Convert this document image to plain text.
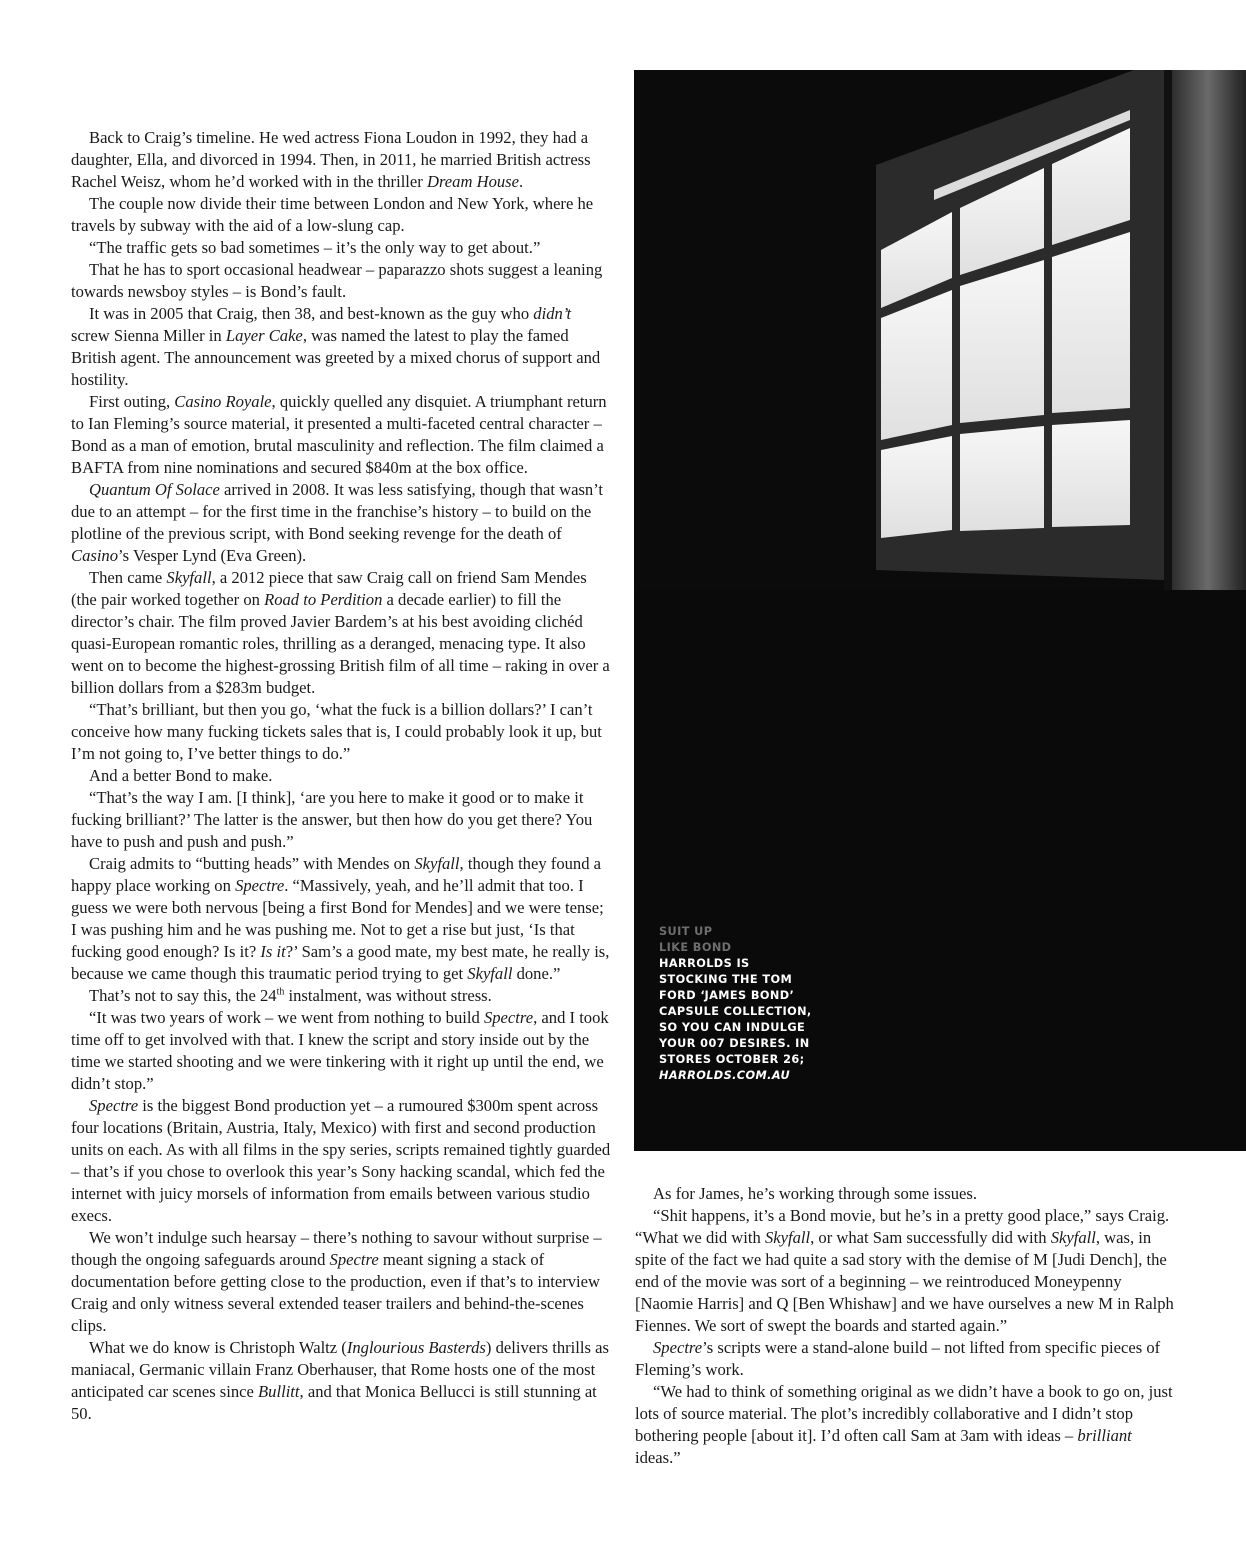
Back to Craig’s timeline. He wed actress Fiona Loudon in 1992, they had a daughter, Ella, and divorced in 1994. Then, in 2011, he married British actress Rachel Weisz, whom he’d worked with in the thriller Dream House.

The couple now divide their time between London and New York, where he travels by subway with the aid of a low-slung cap.

“The traffic gets so bad sometimes – it’s the only way to get about.”

That he has to sport occasional headwear – paparazzo shots suggest a leaning towards newsboy styles – is Bond’s fault.

It was in 2005 that Craig, then 38, and best-known as the guy who didn’t screw Sienna Miller in Layer Cake, was named the latest to play the famed British agent. The announcement was greeted by a mixed chorus of support and hostility.

First outing, Casino Royale, quickly quelled any disquiet. A triumphant return to Ian Fleming’s source material, it presented a multi-faceted central character – Bond as a man of emotion, brutal masculinity and reflection. The film claimed a BAFTA from nine nominations and secured $840m at the box office.

Quantum Of Solace arrived in 2008. It was less satisfying, though that wasn’t due to an attempt – for the first time in the franchise’s history – to build on the plotline of the previous script, with Bond seeking revenge for the death of Casino’s Vesper Lynd (Eva Green).

Then came Skyfall, a 2012 piece that saw Craig call on friend Sam Mendes (the pair worked together on Road to Perdition a decade earlier) to fill the director’s chair. The film proved Javier Bardem’s at his best avoiding clichéd quasi-European romantic roles, thrilling as a deranged, menacing type. It also went on to become the highest-grossing British film of all time – raking in over a billion dollars from a $283m budget.

“That’s brilliant, but then you go, ‘what the fuck is a billion dollars?’ I can’t conceive how many fucking tickets sales that is, I could probably look it up, but I’m not going to, I’ve better things to do.”

And a better Bond to make.

“That’s the way I am. [I think], ‘are you here to make it good or to make it fucking brilliant?’ The latter is the answer, but then how do you get there? You have to push and push and push.”

Craig admits to “butting heads” with Mendes on Skyfall, though they found a happy place working on Spectre. “Massively, yeah, and he’ll admit that too. I guess we were both nervous [being a first Bond for Mendes] and we were tense; I was pushing him and he was pushing me. Not to get a rise but just, ‘Is that fucking good enough? Is it? Is it?’ Sam’s a good mate, my best mate, he really is, because we came though this traumatic period trying to get Skyfall done.”

That’s not to say this, the 24th instalment, was without stress.

“It was two years of work – we went from nothing to build Spectre, and I took time off to get involved with that. I knew the script and story inside out by the time we started shooting and we were tinkering with it right up until the end, we didn’t stop.”

Spectre is the biggest Bond production yet – a rumoured $300m spent across four locations (Britain, Austria, Italy, Mexico) with first and second production units on each. As with all films in the spy series, scripts remained tightly guarded – that’s if you chose to overlook this year’s Sony hacking scandal, which fed the internet with juicy morsels of information from emails between various studio execs.

We won’t indulge such hearsay – there’s nothing to savour without surprise – though the ongoing safeguards around Spectre meant signing a stack of documentation before getting close to the production, even if that’s to interview Craig and only witness several extended teaser trailers and behind-the-scenes clips.

What we do know is Christoph Waltz (Inglourious Basterds) delivers thrills as maniacal, Germanic villain Franz Oberhauser, that Rome hosts one of the most anticipated car scenes since Bullitt, and that Monica Bellucci is still stunning at 50.

SUIT UP
LIKE BOND
HARROLDS IS STOCKING THE TOM FORD ‘JAMES BOND’ CAPSULE COLLECTION, SO YOU CAN INDULGE YOUR 007 DESIRES. IN STORES OCTOBER 26;
HARROLDS.COM.AU

As for James, he’s working through some issues.

“Shit happens, it’s a Bond movie, but he’s in a pretty good place,” says Craig. “What we did with Skyfall, or what Sam successfully did with Skyfall, was, in spite of the fact we had quite a sad story with the demise of M [Judi Dench], the end of the movie was sort of a beginning – we reintroduced Moneypenny [Naomie Harris] and Q [Ben Whishaw] and we have ourselves a new M in Ralph Fiennes. We sort of swept the boards and started again.”

Spectre’s scripts were a stand-alone build – not lifted from specific pieces of Fleming’s work.

“We had to think of something original as we didn’t have a book to go on, just lots of source material. The plot’s incredibly collaborative and I didn’t stop bothering people [about it]. I’d often call Sam at 3am with ideas – brilliant ideas.”
